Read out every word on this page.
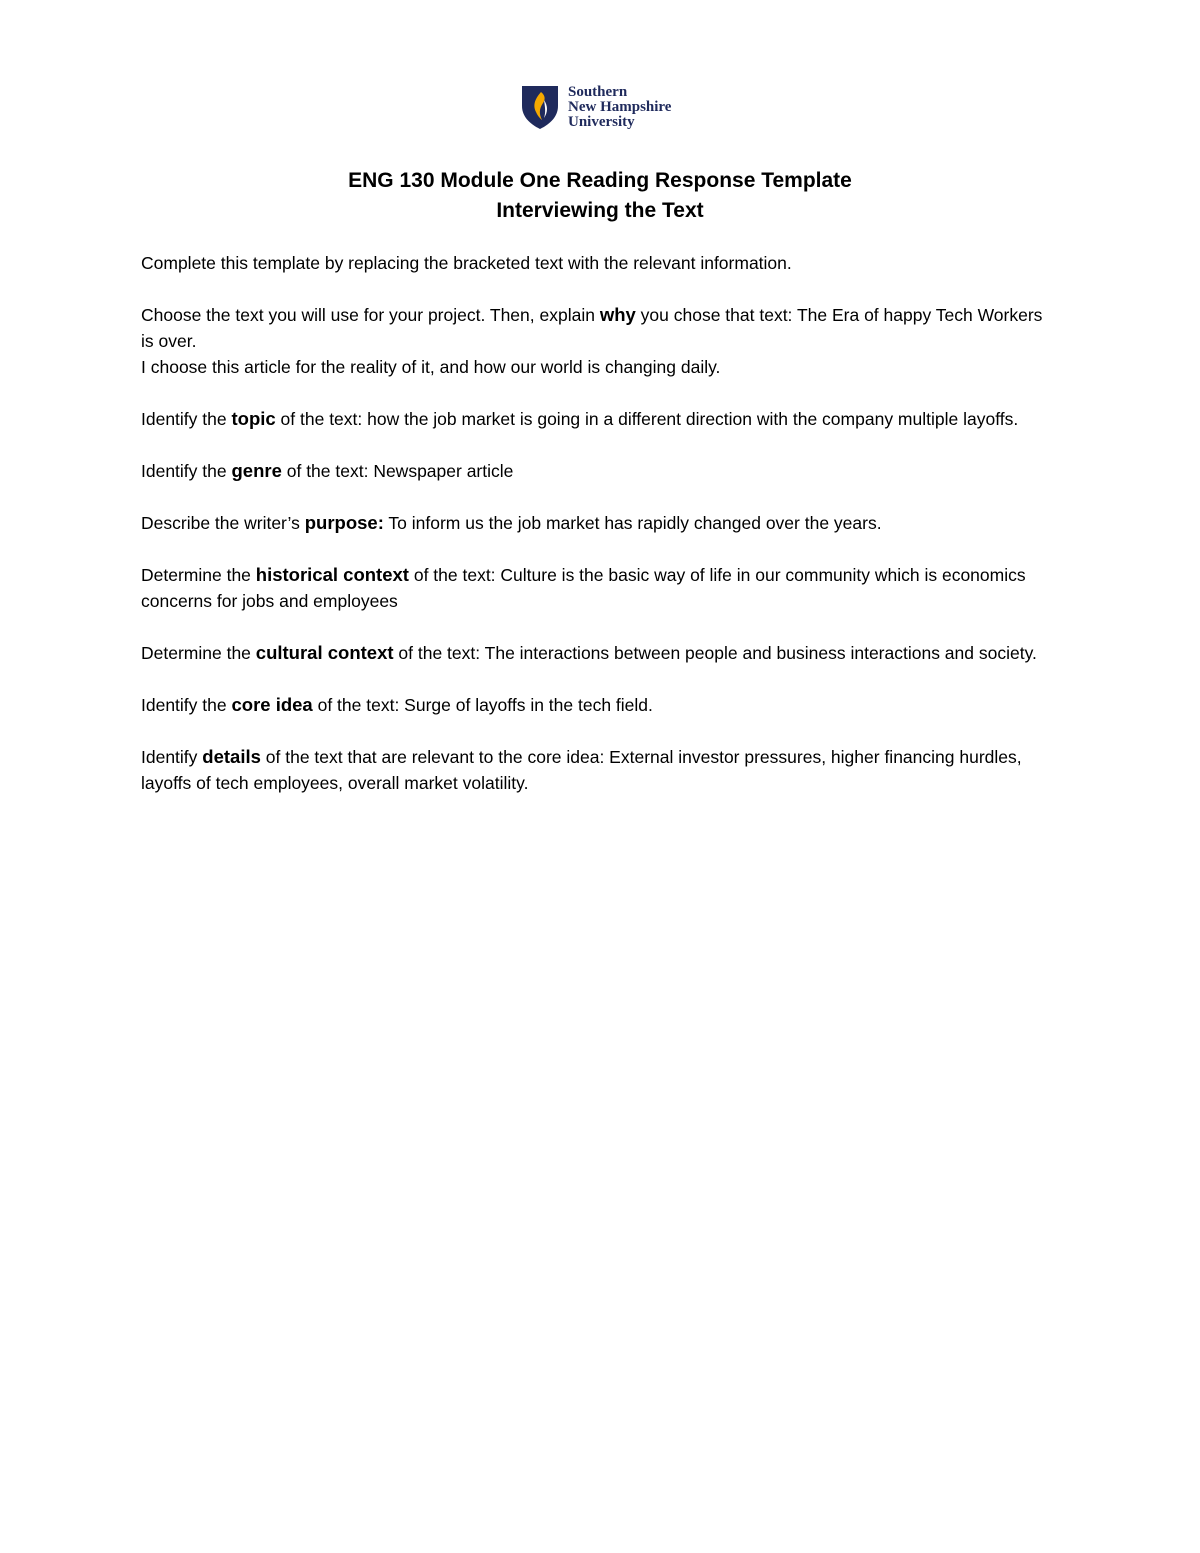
Southern
New Hampshire
University
ENG 130 Module One Reading Response Template
Interviewing the Text

Complete this template by replacing the bracketed text with the relevant information.

Choose the text you will use for your project. Then, explain why you chose that text: The Era of happy Tech Workers is over.
I choose this article for the reality of it, and how our world is changing daily.

Identify the topic of the text: how the job market is going in a different direction with the company multiple layoffs.

Identify the genre of the text: Newspaper article

Describe the writer’s purpose: To inform us the job market has rapidly changed over the years.

Determine the historical context of the text: Culture is the basic way of life in our community which is economics concerns for jobs and employees

Determine the cultural context of the text: The interactions between people and business interactions and society.

Identify the core idea of the text: Surge of layoffs in the tech field.

Identify details of the text that are relevant to the core idea: External investor pressures, higher financing hurdles, layoffs of tech employees, overall market volatility.
